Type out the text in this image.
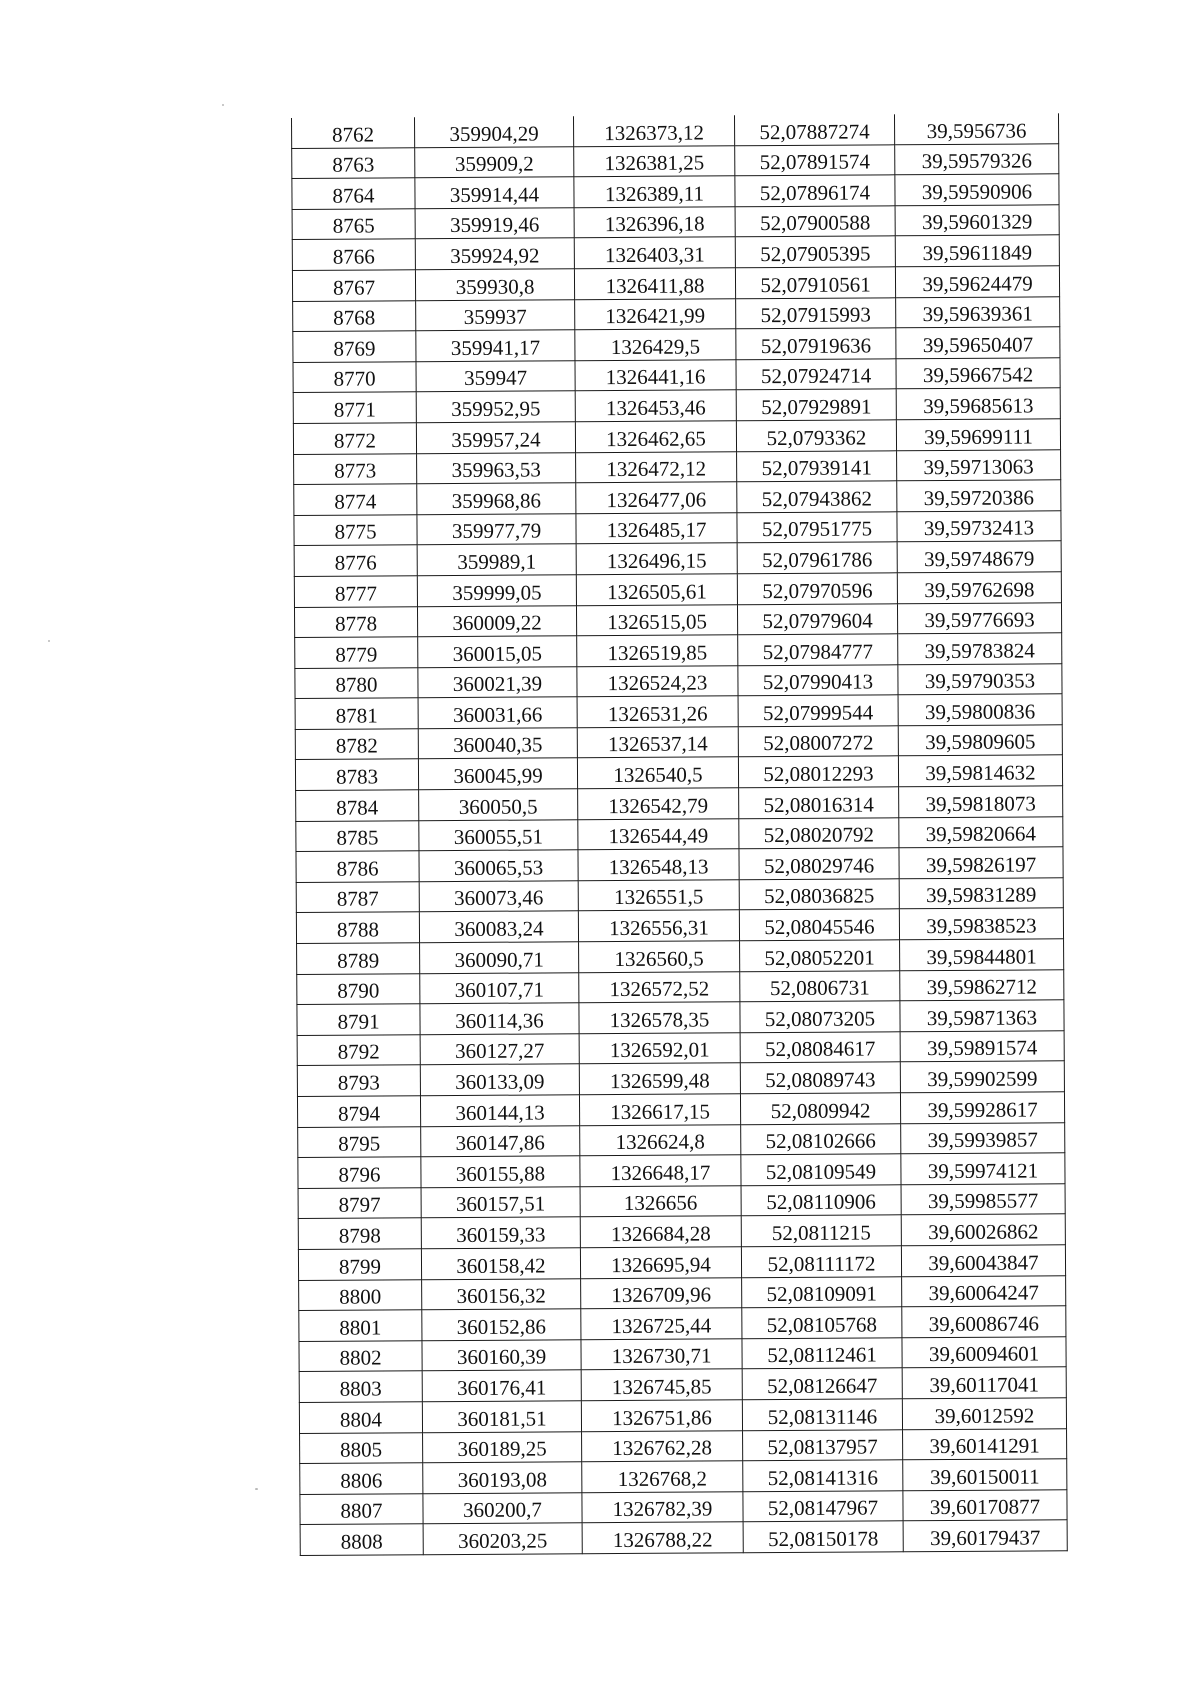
8762	359904,29	1326373,12	52,07887274	39,5956736
8763	359909,2	1326381,25	52,07891574	39,59579326
8764	359914,44	1326389,11	52,07896174	39,59590906
8765	359919,46	1326396,18	52,07900588	39,59601329
8766	359924,92	1326403,31	52,07905395	39,59611849
8767	359930,8	1326411,88	52,07910561	39,59624479
8768	359937	1326421,99	52,07915993	39,59639361
8769	359941,17	1326429,5	52,07919636	39,59650407
8770	359947	1326441,16	52,07924714	39,59667542
8771	359952,95	1326453,46	52,07929891	39,59685613
8772	359957,24	1326462,65	52,0793362	39,59699111
8773	359963,53	1326472,12	52,07939141	39,59713063
8774	359968,86	1326477,06	52,07943862	39,59720386
8775	359977,79	1326485,17	52,07951775	39,59732413
8776	359989,1	1326496,15	52,07961786	39,59748679
8777	359999,05	1326505,61	52,07970596	39,59762698
8778	360009,22	1326515,05	52,07979604	39,59776693
8779	360015,05	1326519,85	52,07984777	39,59783824
8780	360021,39	1326524,23	52,07990413	39,59790353
8781	360031,66	1326531,26	52,07999544	39,59800836
8782	360040,35	1326537,14	52,08007272	39,59809605
8783	360045,99	1326540,5	52,08012293	39,59814632
8784	360050,5	1326542,79	52,08016314	39,59818073
8785	360055,51	1326544,49	52,08020792	39,59820664
8786	360065,53	1326548,13	52,08029746	39,59826197
8787	360073,46	1326551,5	52,08036825	39,59831289
8788	360083,24	1326556,31	52,08045546	39,59838523
8789	360090,71	1326560,5	52,08052201	39,59844801
8790	360107,71	1326572,52	52,0806731	39,59862712
8791	360114,36	1326578,35	52,08073205	39,59871363
8792	360127,27	1326592,01	52,08084617	39,59891574
8793	360133,09	1326599,48	52,08089743	39,59902599
8794	360144,13	1326617,15	52,0809942	39,59928617
8795	360147,86	1326624,8	52,08102666	39,59939857
8796	360155,88	1326648,17	52,08109549	39,59974121
8797	360157,51	1326656	52,08110906	39,59985577
8798	360159,33	1326684,28	52,0811215	39,60026862
8799	360158,42	1326695,94	52,08111172	39,60043847
8800	360156,32	1326709,96	52,08109091	39,60064247
8801	360152,86	1326725,44	52,08105768	39,60086746
8802	360160,39	1326730,71	52,08112461	39,60094601
8803	360176,41	1326745,85	52,08126647	39,60117041
8804	360181,51	1326751,86	52,08131146	39,6012592
8805	360189,25	1326762,28	52,08137957	39,60141291
8806	360193,08	1326768,2	52,08141316	39,60150011
8807	360200,7	1326782,39	52,08147967	39,60170877
8808	360203,25	1326788,22	52,08150178	39,60179437
